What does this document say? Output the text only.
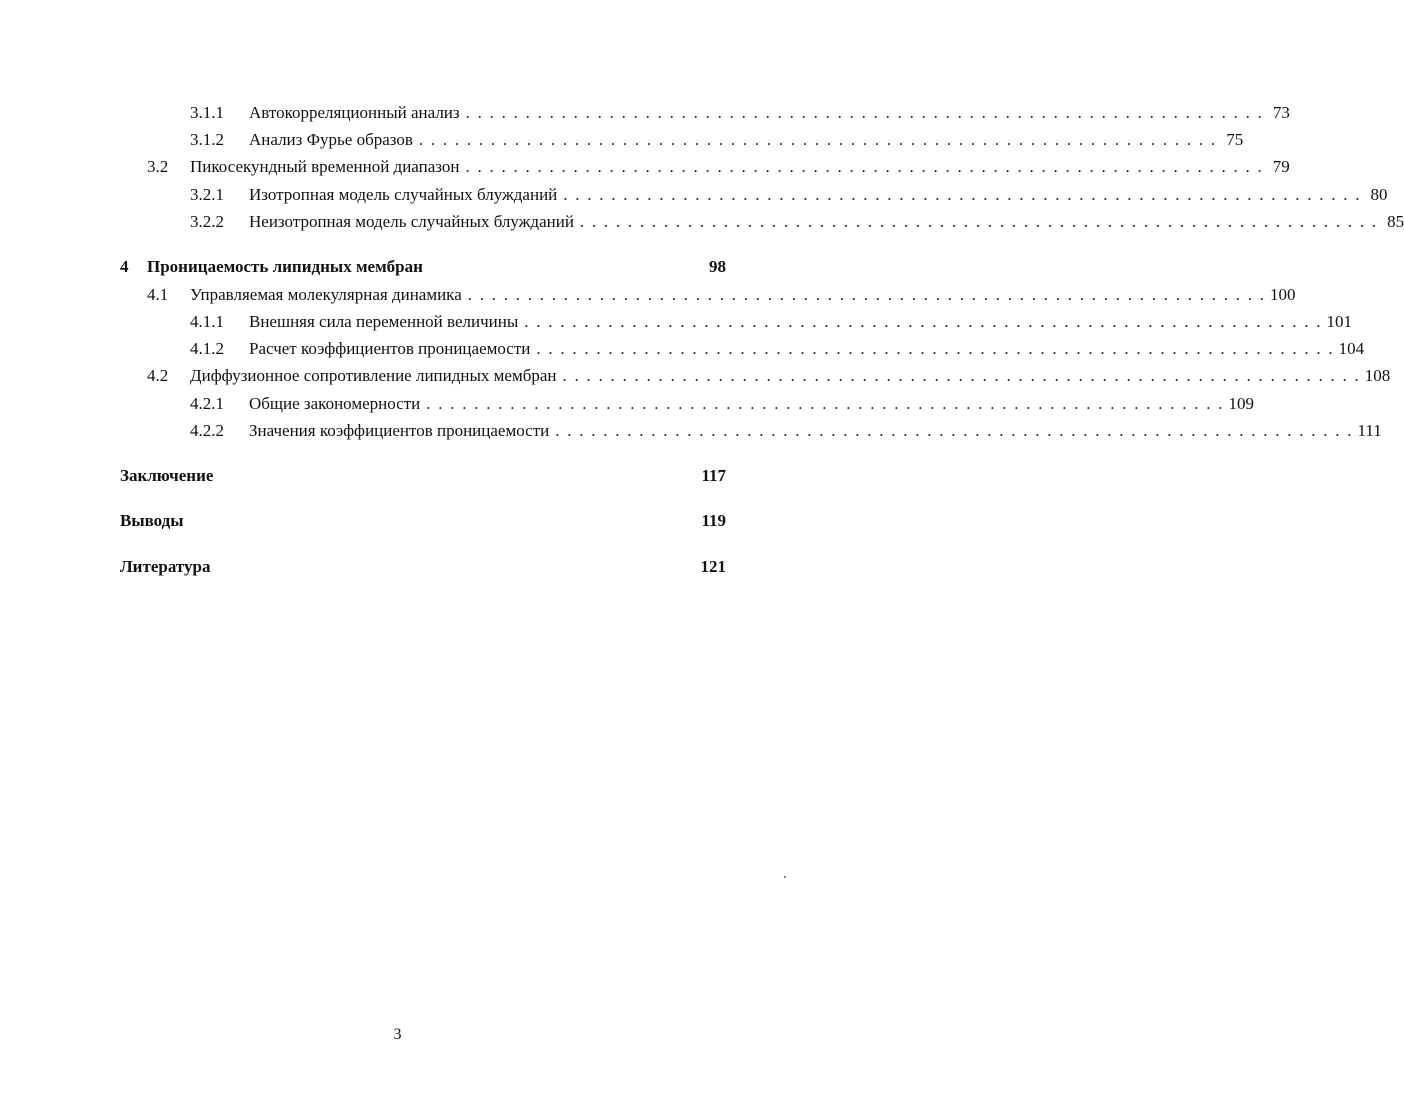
3.1.1	Автокорреляционный анализ . . .	73
3.1.2	Анализ Фурье образов . . .	75
3.2	Пикосекундный временной диапазон . . .	79
3.2.1	Изотропная модель случайных блужданий . . .	80
3.2.2	Неизотропная модель случайных блужданий . . .	85
4	Проницаемость липидных мембран	98
4.1	Управляемая молекулярная динамика . . .	100
4.1.1	Внешняя сила переменной величины . . .	101
4.1.2	Расчет коэффициентов проницаемости . . .	104
4.2	Диффузионное сопротивление липидных мембран . . .	108
4.2.1	Общие закономерности . . .	109
4.2.2	Значения коэффициентов проницаемости . . .	111
Заключение	117
Выводы	119
Литература	121
3
